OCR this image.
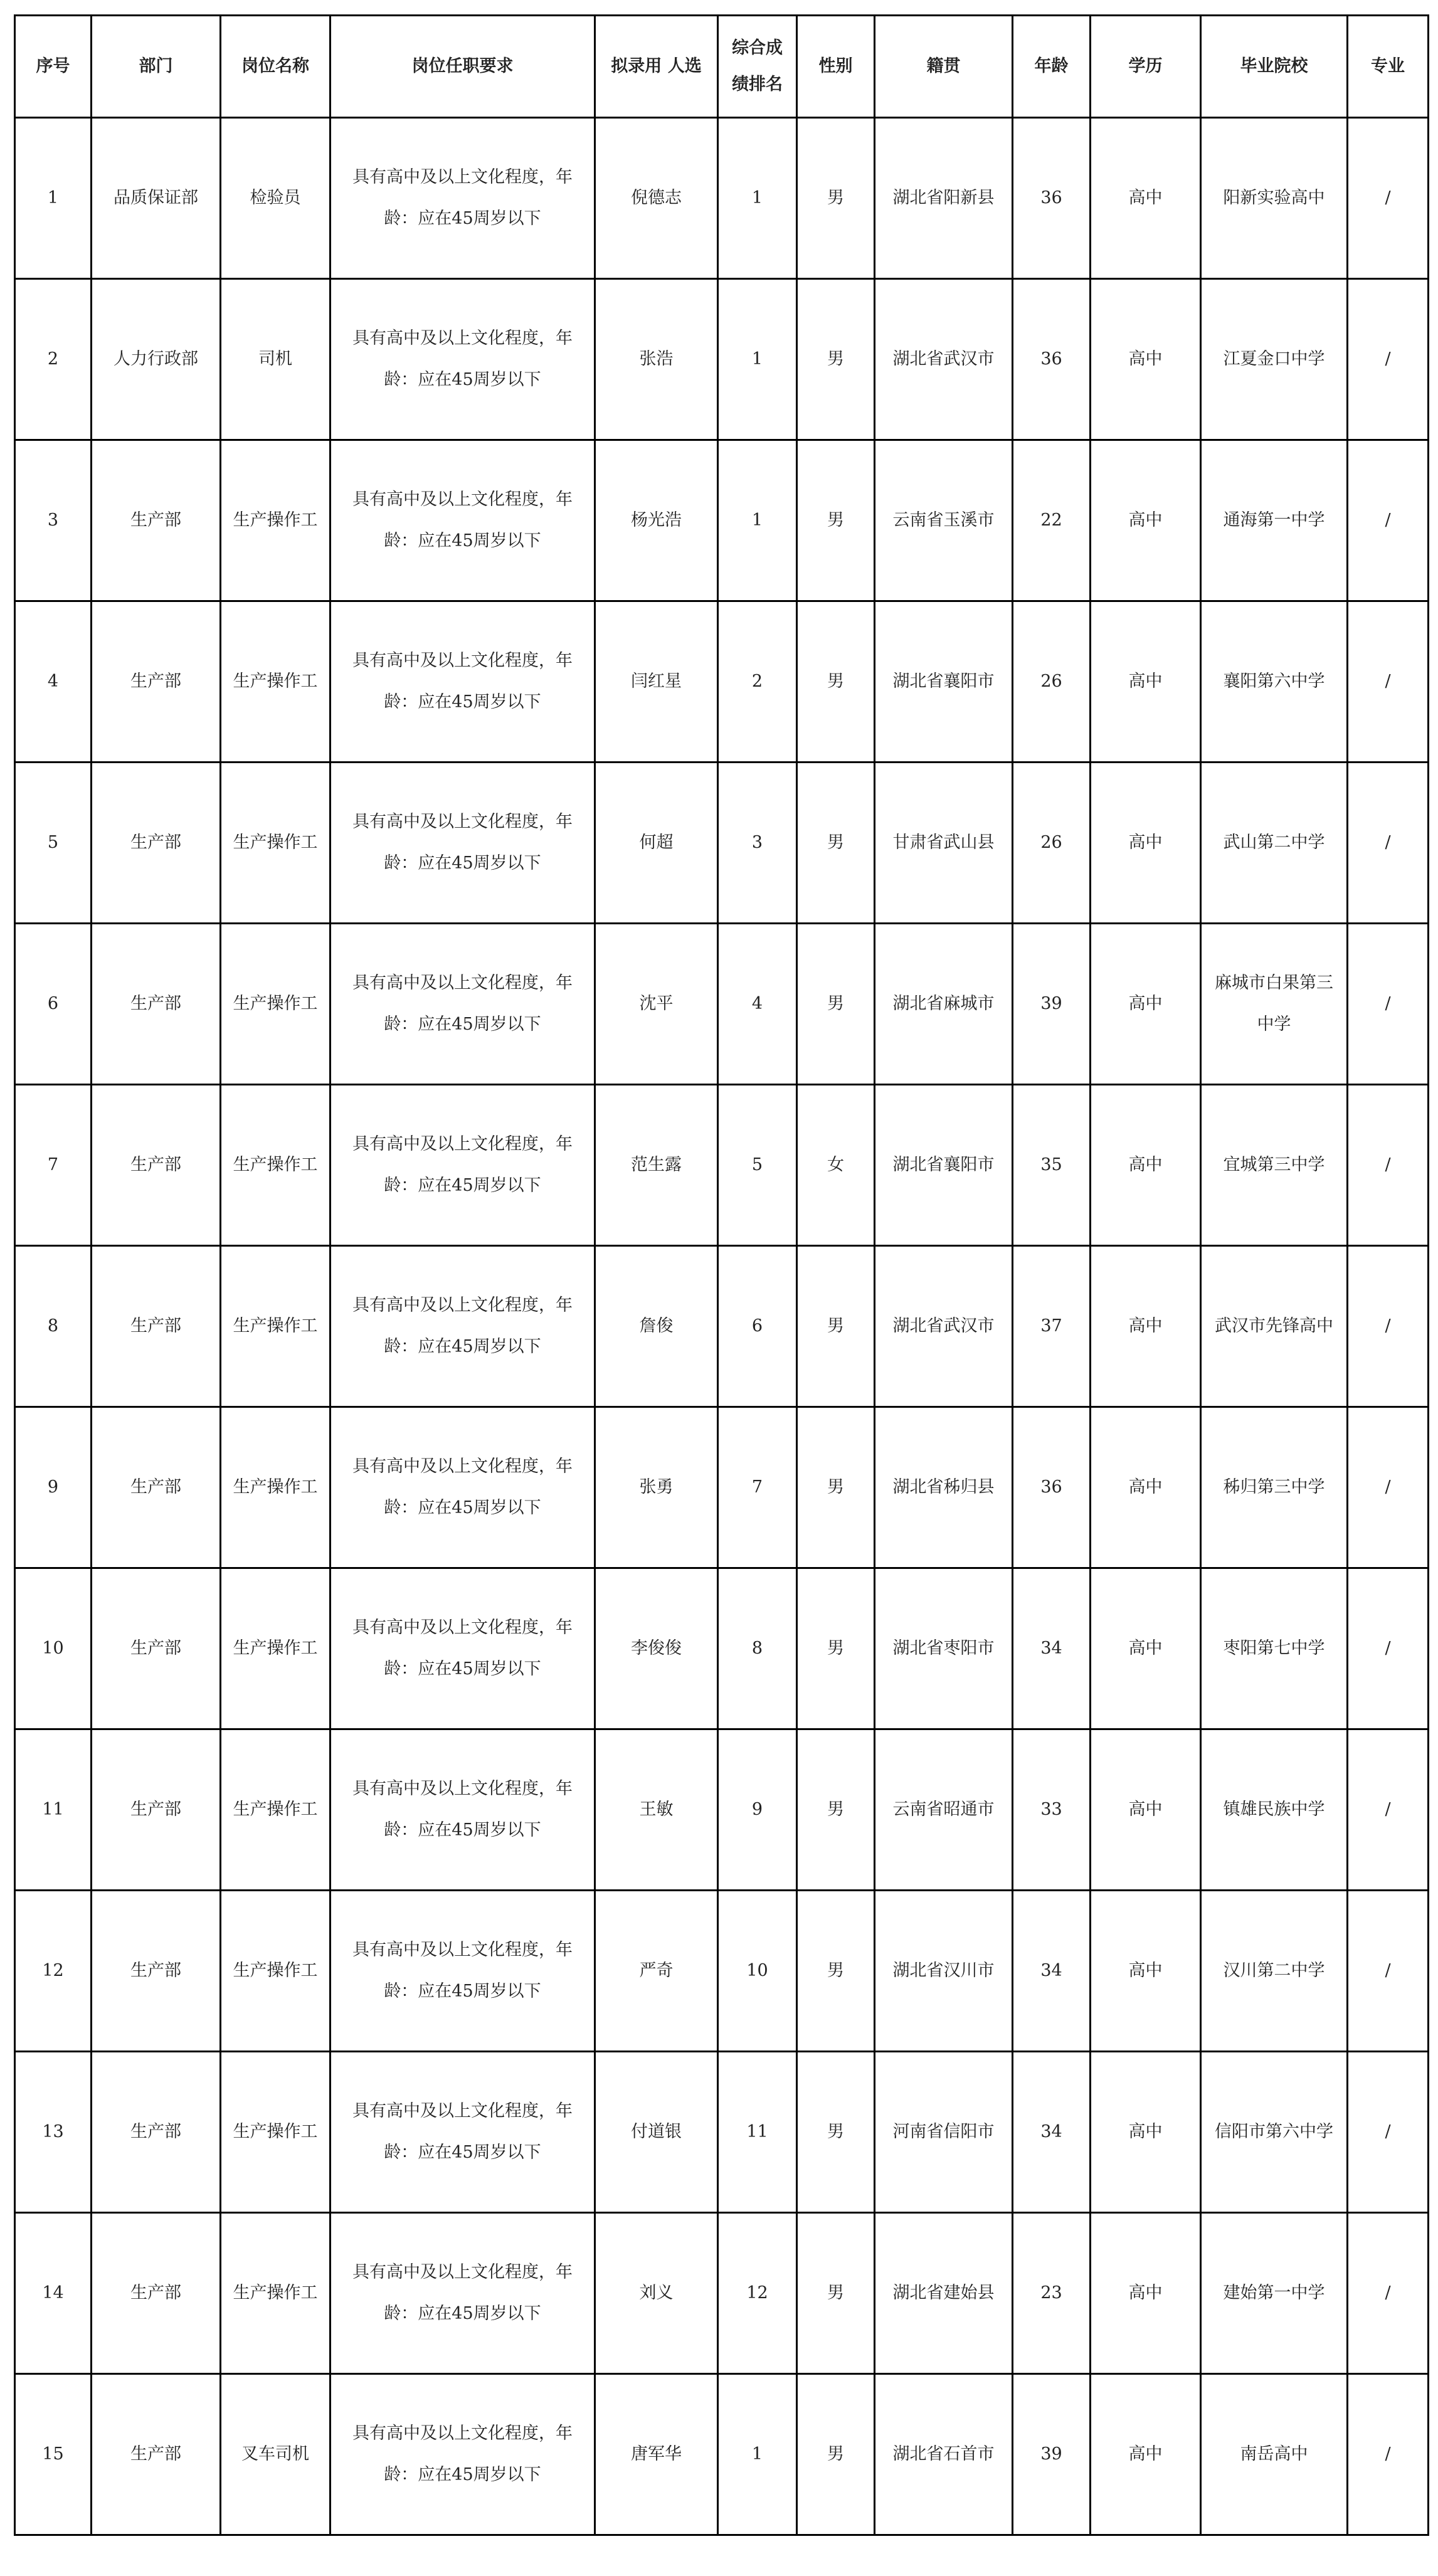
序号	部门	岗位名称	岗位任职要求	拟录用 人选	综合成绩排名	性别	籍贯	年龄	学历	毕业院校	专业
1	品质保证部	检验员	具有高中及以上文化程度，年龄：应在45周岁以下	倪德志	1	男	湖北省阳新县	36	高中	阳新实验高中	/
2	人力行政部	司机	具有高中及以上文化程度，年龄：应在45周岁以下	张浩	1	男	湖北省武汉市	36	高中	江夏金口中学	/
3	生产部	生产操作工	具有高中及以上文化程度，年龄：应在45周岁以下	杨光浩	1	男	云南省玉溪市	22	高中	通海第一中学	/
4	生产部	生产操作工	具有高中及以上文化程度，年龄：应在45周岁以下	闫红星	2	男	湖北省襄阳市	26	高中	襄阳第六中学	/
5	生产部	生产操作工	具有高中及以上文化程度，年龄：应在45周岁以下	何超	3	男	甘肃省武山县	26	高中	武山第二中学	/
6	生产部	生产操作工	具有高中及以上文化程度，年龄：应在45周岁以下	沈平	4	男	湖北省麻城市	39	高中	麻城市白果第三中学	/
7	生产部	生产操作工	具有高中及以上文化程度，年龄：应在45周岁以下	范生露	5	女	湖北省襄阳市	35	高中	宜城第三中学	/
8	生产部	生产操作工	具有高中及以上文化程度，年龄：应在45周岁以下	詹俊	6	男	湖北省武汉市	37	高中	武汉市先锋高中	/
9	生产部	生产操作工	具有高中及以上文化程度，年龄：应在45周岁以下	张勇	7	男	湖北省秭归县	36	高中	秭归第三中学	/
10	生产部	生产操作工	具有高中及以上文化程度，年龄：应在45周岁以下	李俊俊	8	男	湖北省枣阳市	34	高中	枣阳第七中学	/
11	生产部	生产操作工	具有高中及以上文化程度，年龄：应在45周岁以下	王敏	9	男	云南省昭通市	33	高中	镇雄民族中学	/
12	生产部	生产操作工	具有高中及以上文化程度，年龄：应在45周岁以下	严奇	10	男	湖北省汉川市	34	高中	汉川第二中学	/
13	生产部	生产操作工	具有高中及以上文化程度，年龄：应在45周岁以下	付道银	11	男	河南省信阳市	34	高中	信阳市第六中学	/
14	生产部	生产操作工	具有高中及以上文化程度，年龄：应在45周岁以下	刘义	12	男	湖北省建始县	23	高中	建始第一中学	/
15	生产部	叉车司机	具有高中及以上文化程度，年龄：应在45周岁以下	唐军华	1	男	湖北省石首市	39	高中	南岳高中	/
